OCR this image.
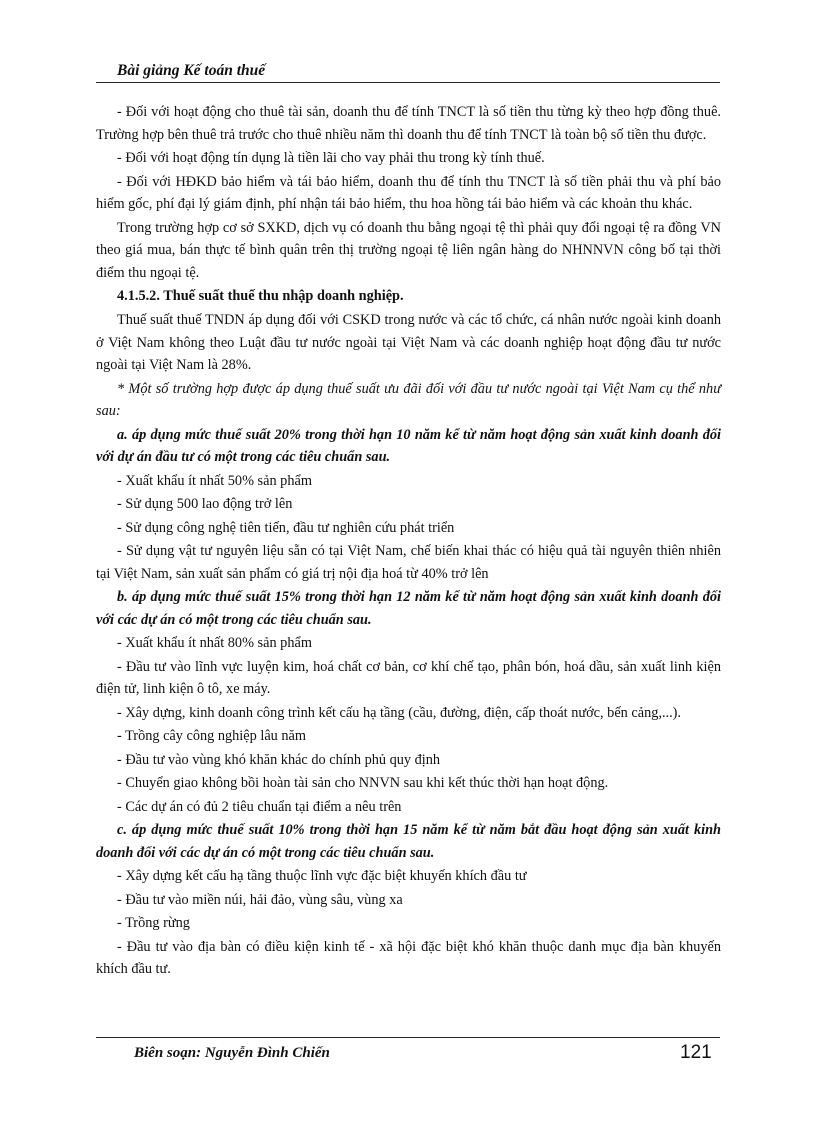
Bài giảng Kế toán thuế

- Đối với hoạt động cho thuê tài sản, doanh thu để tính TNCT là số tiền thu từng kỳ theo hợp đồng thuê. Trường hợp bên thuê trả trước cho thuê nhiều năm thì doanh thu để tính TNCT là toàn bộ số tiền thu được.

- Đối với hoạt động tín dụng là tiền lãi cho vay phải thu trong kỳ tính thuế.

- Đối với HĐKD bảo hiểm và tái bảo hiểm, doanh thu để tính thu TNCT là số tiền phải thu và phí bảo hiểm gốc, phí đại lý giám định, phí nhận tái bảo hiểm, thu hoa hồng tái bảo hiểm và các khoản thu khác.

Trong trường hợp cơ sở SXKD, dịch vụ có doanh thu bằng ngoại tệ thì phải quy đổi ngoại tệ ra đồng VN theo giá mua, bán thực tế bình quân trên thị trường ngoại tệ liên ngân hàng do NHNNVN công bố tại thời điểm thu ngoại tệ.

4.1.5.2. Thuế suất thuế thu nhập doanh nghiệp.

Thuế suất thuế TNDN áp dụng đối với CSKD trong nước và các tổ chức, cá nhân nước ngoài kinh doanh ở Việt Nam không theo Luật đầu tư nước ngoài tại Việt Nam và các doanh nghiệp hoạt động đầu tư nước ngoài tại Việt Nam là 28%.

* Một số trường hợp được áp dụng thuế suất ưu đãi đối với đầu tư nước ngoài tại Việt Nam cụ thể như sau:

a. áp dụng mức thuế suất 20% trong thời hạn 10 năm kể từ năm hoạt động sản xuất kinh doanh đối với dự án đầu tư có một trong các tiêu chuẩn sau.

- Xuất khẩu ít nhất 50% sản phẩm

- Sử dụng 500 lao động trở lên

- Sử dụng công nghệ tiên tiến, đầu tư nghiên cứu phát triển

- Sử dụng vật tư nguyên liệu sẵn có tại Việt Nam, chế biến khai thác có hiệu quả tài nguyên thiên nhiên tại Việt Nam, sản xuất sản phẩm có giá trị nội địa hoá từ 40% trở lên

b. áp dụng mức thuế suất 15% trong thời hạn 12 năm kể từ năm hoạt động sản xuất kinh doanh đối với các dự án có một trong các tiêu chuẩn sau.

- Xuất khẩu ít nhất 80% sản phẩm

- Đầu tư vào lĩnh vực luyện kim, hoá chất cơ bản, cơ khí chế tạo, phân bón, hoá dầu, sản xuất linh kiện điện tử, linh kiện ô tô, xe máy.

- Xây dựng, kinh doanh công trình kết cấu hạ tầng (cầu, đường, điện, cấp thoát nước, bến cảng,...).

- Trồng cây công nghiệp lâu năm

- Đầu tư vào vùng khó khăn khác do chính phủ quy định

- Chuyển giao không bồi hoàn tài sản cho NNVN sau khi kết thúc thời hạn hoạt động.

- Các dự án có đủ 2 tiêu chuẩn tại điểm a nêu trên

c. áp dụng mức thuế suất 10% trong thời hạn 15 năm kể từ năm bắt đầu hoạt động sản xuất kinh doanh đối với các dự án có một trong các tiêu chuẩn sau.

- Xây dựng kết cấu hạ tầng thuộc lĩnh vực đặc biệt khuyến khích đầu tư

- Đầu tư vào miền núi, hải đảo, vùng sâu, vùng xa

- Trồng rừng

- Đầu tư vào địa bàn có điều kiện kinh tế - xã hội đặc biệt khó khăn thuộc danh mục địa bàn khuyến khích đầu tư.

Biên soạn: Nguyễn Đình Chiến	121
